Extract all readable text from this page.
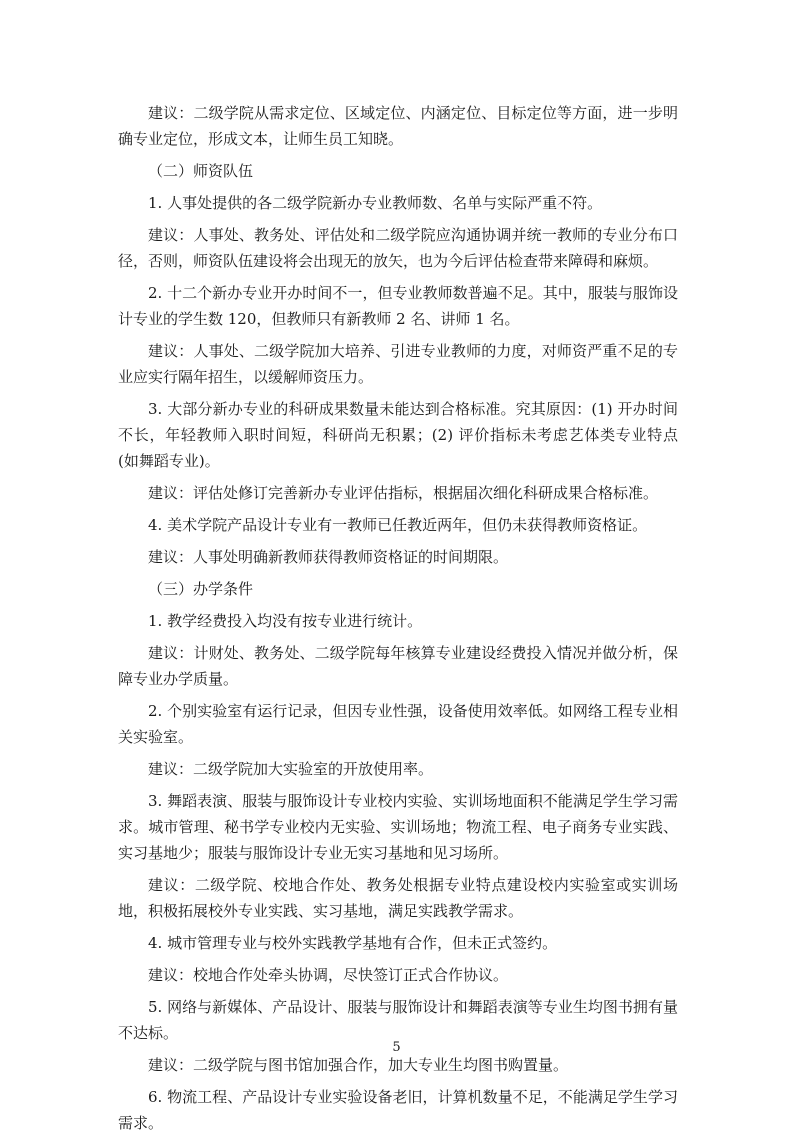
建议：二级学院从需求定位、区域定位、内涵定位、目标定位等方面，进一步明确专业定位，形成文本，让师生员工知晓。

（二）师资队伍

1. 人事处提供的各二级学院新办专业教师数、名单与实际严重不符。

建议：人事处、教务处、评估处和二级学院应沟通协调并统一教师的专业分布口径，否则，师资队伍建设将会出现无的放矢，也为今后评估检查带来障碍和麻烦。

2. 十二个新办专业开办时间不一，但专业教师数普遍不足。其中，服装与服饰设计专业的学生数 120，但教师只有新教师 2 名、讲师 1 名。

建议：人事处、二级学院加大培养、引进专业教师的力度，对师资严重不足的专业应实行隔年招生，以缓解师资压力。

3. 大部分新办专业的科研成果数量未能达到合格标准。究其原因：(1) 开办时间不长，年轻教师入职时间短，科研尚无积累；(2) 评价指标未考虑艺体类专业特点 (如舞蹈专业)。

建议：评估处修订完善新办专业评估指标，根据届次细化科研成果合格标准。

4. 美术学院产品设计专业有一教师已任教近两年，但仍未获得教师资格证。

建议：人事处明确新教师获得教师资格证的时间期限。

（三）办学条件

1. 教学经费投入均没有按专业进行统计。

建议：计财处、教务处、二级学院每年核算专业建设经费投入情况并做分析，保障专业办学质量。

2. 个别实验室有运行记录，但因专业性强，设备使用效率低。如网络工程专业相关实验室。

建议：二级学院加大实验室的开放使用率。

3. 舞蹈表演、服装与服饰设计专业校内实验、实训场地面积不能满足学生学习需求。城市管理、秘书学专业校内无实验、实训场地；物流工程、电子商务专业实践、实习基地少；服装与服饰设计专业无实习基地和见习场所。

建议：二级学院、校地合作处、教务处根据专业特点建设校内实验室或实训场地，积极拓展校外专业实践、实习基地，满足实践教学需求。

4. 城市管理专业与校外实践教学基地有合作，但未正式签约。

建议：校地合作处牵头协调，尽快签订正式合作协议。

5. 网络与新媒体、产品设计、服装与服饰设计和舞蹈表演等专业生均图书拥有量不达标。

建议：二级学院与图书馆加强合作，加大专业生均图书购置量。

6. 物流工程、产品设计专业实验设备老旧，计算机数量不足，不能满足学生学习需求。

5
